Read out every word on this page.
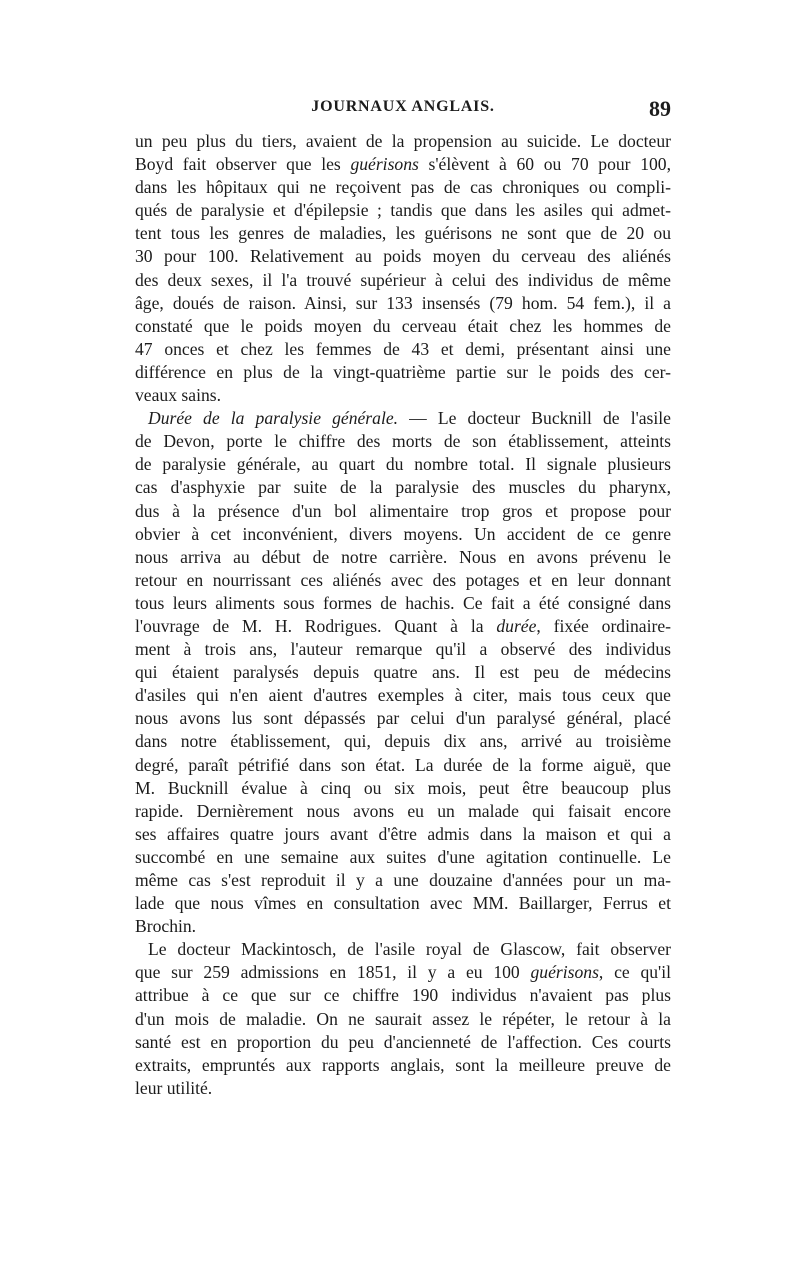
JOURNAUX ANGLAIS.	89
un peu plus du tiers, avaient de la propension au suicide. Le docteur
Boyd fait observer que les guérisons s'élèvent à 60 ou 70 pour 100,
dans les hôpitaux qui ne reçoivent pas de cas chroniques ou compli-
qués de paralysie et d'épilepsie ; tandis que dans les asiles qui admet-
tent tous les genres de maladies, les guérisons ne sont que de 20 ou
30 pour 100. Relativement au poids moyen du cerveau des aliénés
des deux sexes, il l'a trouvé supérieur à celui des individus de même
âge, doués de raison. Ainsi, sur 133 insensés (79 hom. 54 fem.), il a
constaté que le poids moyen du cerveau était chez les hommes de
47 onces et chez les femmes de 43 et demi, présentant ainsi une
différence en plus de la vingt-quatrième partie sur le poids des cer-
veaux sains.
Durée de la paralysie générale. — Le docteur Bucknill de l'asile
de Devon, porte le chiffre des morts de son établissement, atteints
de paralysie générale, au quart du nombre total. Il signale plusieurs
cas d'asphyxie par suite de la paralysie des muscles du pharynx,
dus à la présence d'un bol alimentaire trop gros et propose pour
obvier à cet inconvénient, divers moyens. Un accident de ce genre
nous arriva au début de notre carrière. Nous en avons prévenu le
retour en nourrissant ces aliénés avec des potages et en leur donnant
tous leurs aliments sous formes de hachis. Ce fait a été consigné dans
l'ouvrage de M. H. Rodrigues. Quant à la durée, fixée ordinaire-
ment à trois ans, l'auteur remarque qu'il a observé des individus
qui étaient paralysés depuis quatre ans. Il est peu de médecins
d'asiles qui n'en aient d'autres exemples à citer, mais tous ceux que
nous avons lus sont dépassés par celui d'un paralysé général, placé
dans notre établissement, qui, depuis dix ans, arrivé au troisième
degré, paraît pétrifié dans son état. La durée de la forme aiguë, que
M. Bucknill évalue à cinq ou six mois, peut être beaucoup plus
rapide. Dernièrement nous avons eu un malade qui faisait encore
ses affaires quatre jours avant d'être admis dans la maison et qui a
succombé en une semaine aux suites d'une agitation continuelle. Le
même cas s'est reproduit il y a une douzaine d'années pour un ma-
lade que nous vîmes en consultation avec MM. Baillarger, Ferrus et
Brochin.
Le docteur Mackintosch, de l'asile royal de Glascow, fait observer
que sur 259 admissions en 1851, il y a eu 100 guérisons, ce qu'il
attribue à ce que sur ce chiffre 190 individus n'avaient pas plus
d'un mois de maladie. On ne saurait assez le répéter, le retour à la
santé est en proportion du peu d'ancienneté de l'affection. Ces courts
extraits, empruntés aux rapports anglais, sont la meilleure preuve de
leur utilité.
